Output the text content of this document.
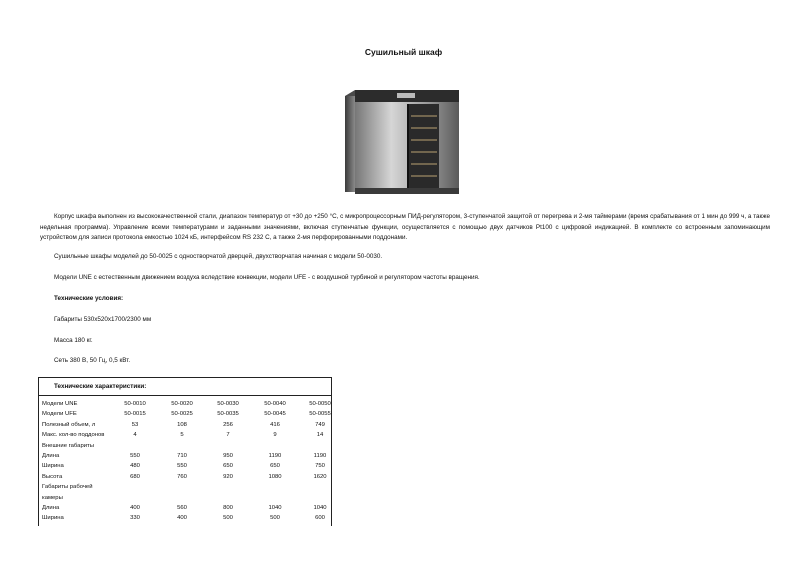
Сушильный шкаф

Корпус шкафа выполнен из высококачественной стали, диапазон температур от +30 до +250 °С, с микропроцессорным ПИД-регулятором, 3-ступенчатой защитой от перегрева и 2-мя таймерами (время срабатывания от 1 мин до 999 ч, а также недельная программа). Управление всеми температурами и заданными значениями, включая ступенчатые функции, осуществляется с помощью двух датчиков Pt100 с цифровой индикацией. В комплекте со встроенным запоминающим устройством для записи протокола емкостью 1024 кБ, интерфейсом RS 232 С, а также 2-мя перфорированными поддонами.

Сушильные шкафы моделей до 50-0025 с одностворчатой дверцей, двухстворчатая начиная с модели 50-0030.

Модели UNE с естественным движением воздуха вследствие конвекции, модели UFE - с воздушной турбиной и регулятором частоты вращения.

Технические условия:

Габариты 530х520х1700/2300 мм

Масса 180 кг.

Сеть 380 В, 50 Гц, 0,5 кВт.

Технические характеристики:
Модели UNE	50-0010	50-0020	50-0030	50-0040	50-0050
Модели UFE	50-0015	50-0025	50-0035	50-0045	50-0055
Полезный объем, л	53	108	256	416	749
Макс. кол-во поддонов	4	5	7	9	14
Внешние габариты
Длина	550	710	950	1190	1190
Ширина	480	550	650	650	750
Высота	680	760	920	1080	1620
Габариты рабочей
камеры
Длина	400	560	800	1040	1040
Ширина	330	400	500	500	600
